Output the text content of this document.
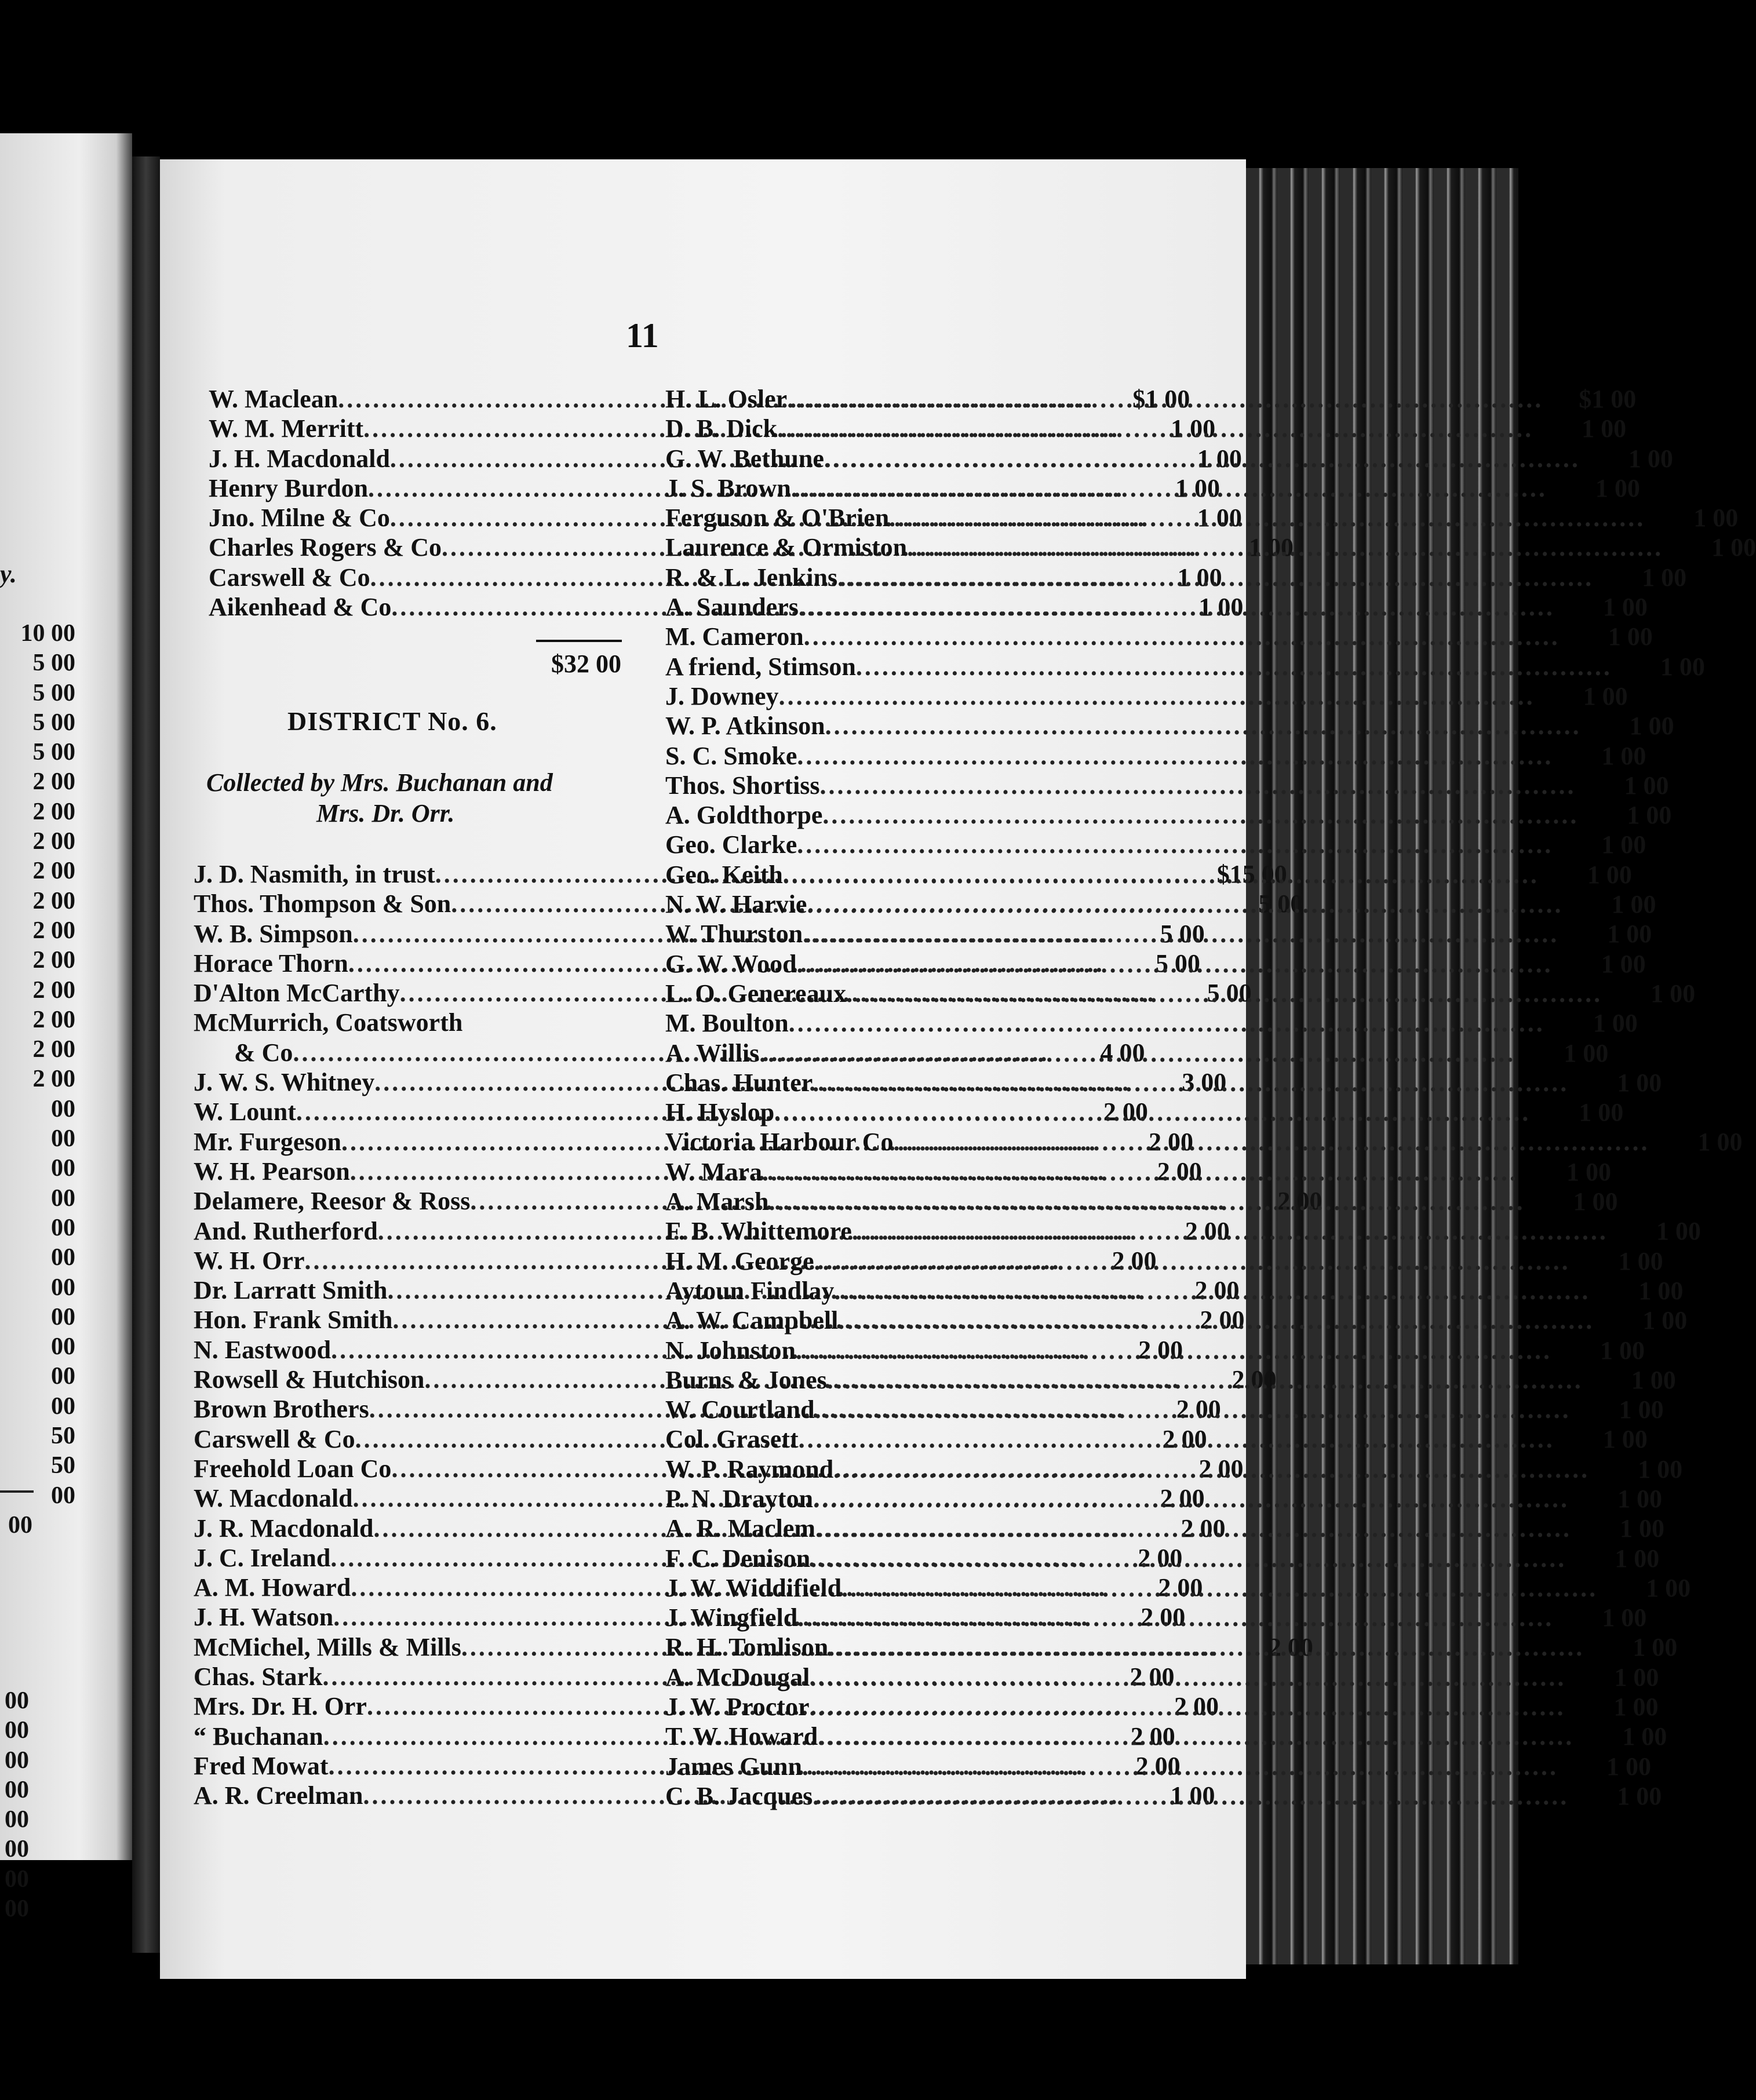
y.
10 00
5 00
5 00
5 00
5 00
2 00
2 00
2 00
2 00
2 00
2 00
2 00
2 00
2 00
2 00
2 00
00
00
00
00
00
00
00
00
00
00
00
50
50
00
00
00
00
00
00
00
00
00
00
11
W. Maclean .....	$1 00
W. M. Merritt .....	1 00
J. H. Macdonald .....	1 00
Henry Burdon .....	1 00
Jno. Milne & Co .....	1 00
Charles Rogers & Co .....	1 00
Carswell & Co .....	1 00
Aikenhead & Co .....	1 00
$32 00
DISTRICT No. 6.
Collected by Mrs. Buchanan and
Mrs. Dr. Orr.
J. D. Nasmith, in trust .....	$15 00
Thos. Thompson & Son .....	5 00
W. B. Simpson .....	5 00
Horace Thorn .....	5 00
D'Alton McCarthy .....	5 00
McMurrich, Coatsworth
& Co .....	4 00
J. W. S. Whitney .....	3 00
W. Lount .....	2 00
Mr. Furgeson .....	2 00
W. H. Pearson .....	2 00
Delamere, Reesor & Ross .....	2 00
And. Rutherford .....	2 00
W. H. Orr .....	2 00
Dr. Larratt Smith .....	2 00
Hon. Frank Smith .....	2 00
N. Eastwood .....	2 00
Rowsell & Hutchison .....	2 00
Brown Brothers .....	2 00
Carswell & Co .....	2 00
Freehold Loan Co .....	2 00
W. Macdonald .....	2 00
J. R. Macdonald .....	2 00
J. C. Ireland .....	2 00
A. M. Howard .....	2 00
J. H. Watson .....	2 00
McMichel, Mills & Mills .....	2 00
Chas. Stark .....	2 00
Mrs. Dr. H. Orr .....	2 00
“ Buchanan .....	2 00
Fred Mowat .....	2 00
A. R. Creelman .....	1 00
H. L. Osler .....	$1 00
D. B. Dick .....	1 00
G. W. Bethune .....	1 00
J. S. Brown .....	1 00
Ferguson & O'Brien .....	1 00
Laurence & Ormiston .....	1 00
R. & L. Jenkins .....	1 00
A. Saunders .....	1 00
M. Cameron .....	1 00
A friend, Stimson .....	1 00
J. Downey .....	1 00
W. P. Atkinson .....	1 00
S. C. Smoke .....	1 00
Thos. Shortiss .....	1 00
A. Goldthorpe .....	1 00
Geo. Clarke .....	1 00
Geo. Keith .....	1 00
N. W. Harvie .....	1 00
W. Thurston .....	1 00
G. W. Wood .....	1 00
L. O. Genereaux .....	1 00
M. Boulton .....	1 00
A. Willis .....	1 00
Chas. Hunter .....	1 00
H. Hyslop .....	1 00
Victoria Harbour Co .....	1 00
W. Mara .....	1 00
A. Marsh .....	1 00
F. B. Whittemore .....	1 00
H. M. George .....	1 00
Aytoun Findlay .....	1 00
A. W. Campbell .....	1 00
N. Johnston .....	1 00
Burns & Jones .....	1 00
W. Courtland .....	1 00
Col. Grasett .....	1 00
W. P. Raymond .....	1 00
P. N. Drayton .....	1 00
A. R. Maclem .....	1 00
F. C. Denison .....	1 00
J. W. Widdifield .....	1 00
J. Wingfield .....	1 00
R. H. Tomlison .....	1 00
A. McDougal .....	1 00
J. W. Proctor .....	1 00
T. W. Howard .....	1 00
James Gunn .....	1 00
C. B. Jacques .....	1 00
